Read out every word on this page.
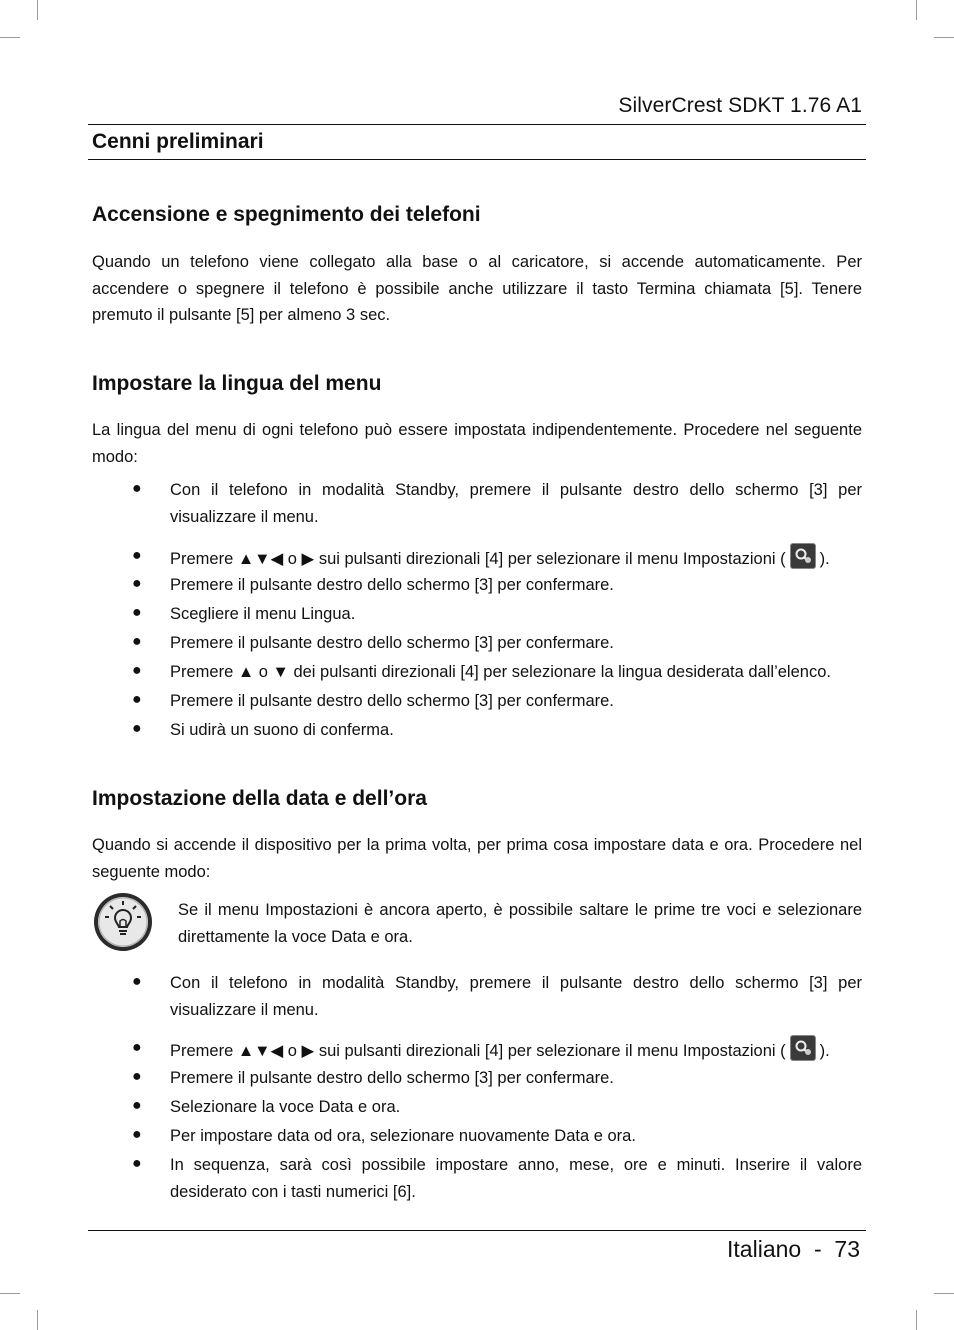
SilverCrest SDKT 1.76 A1
Cenni preliminari
Accensione e spegnimento dei telefoni
Quando un telefono viene collegato alla base o al caricatore, si accende automaticamente. Per accendere o spegnere il telefono è possibile anche utilizzare il tasto Termina chiamata [5]. Tenere premuto il pulsante [5] per almeno 3 sec.
Impostare la lingua del menu
La lingua del menu di ogni telefono può essere impostata indipendentemente. Procedere nel seguente modo:
● Con il telefono in modalità Standby, premere il pulsante destro dello schermo [3] per visualizzare il menu.
● Premere ▲▼◀ o ▶ sui pulsanti direzionali [4] per selezionare il menu Impostazioni ( ).
● Premere il pulsante destro dello schermo [3] per confermare.
● Scegliere il menu Lingua.
● Premere il pulsante destro dello schermo [3] per confermare.
● Premere ▲ o ▼ dei pulsanti direzionali [4] per selezionare la lingua desiderata dall’elenco.
● Premere il pulsante destro dello schermo [3] per confermare.
● Si udirà un suono di conferma.
Impostazione della data e dell’ora
Quando si accende il dispositivo per la prima volta, per prima cosa impostare data e ora. Procedere nel seguente modo:
Se il menu Impostazioni è ancora aperto, è possibile saltare le prime tre voci e selezionare direttamente la voce Data e ora.
● Con il telefono in modalità Standby, premere il pulsante destro dello schermo [3] per visualizzare il menu.
● Premere ▲▼◀ o ▶ sui pulsanti direzionali [4] per selezionare il menu Impostazioni ( ).
● Premere il pulsante destro dello schermo [3] per confermare.
● Selezionare la voce Data e ora.
● Per impostare data od ora, selezionare nuovamente Data e ora.
● In sequenza, sarà così possibile impostare anno, mese, ore e minuti. Inserire il valore desiderato con i tasti numerici [6].
Italiano  -  73
